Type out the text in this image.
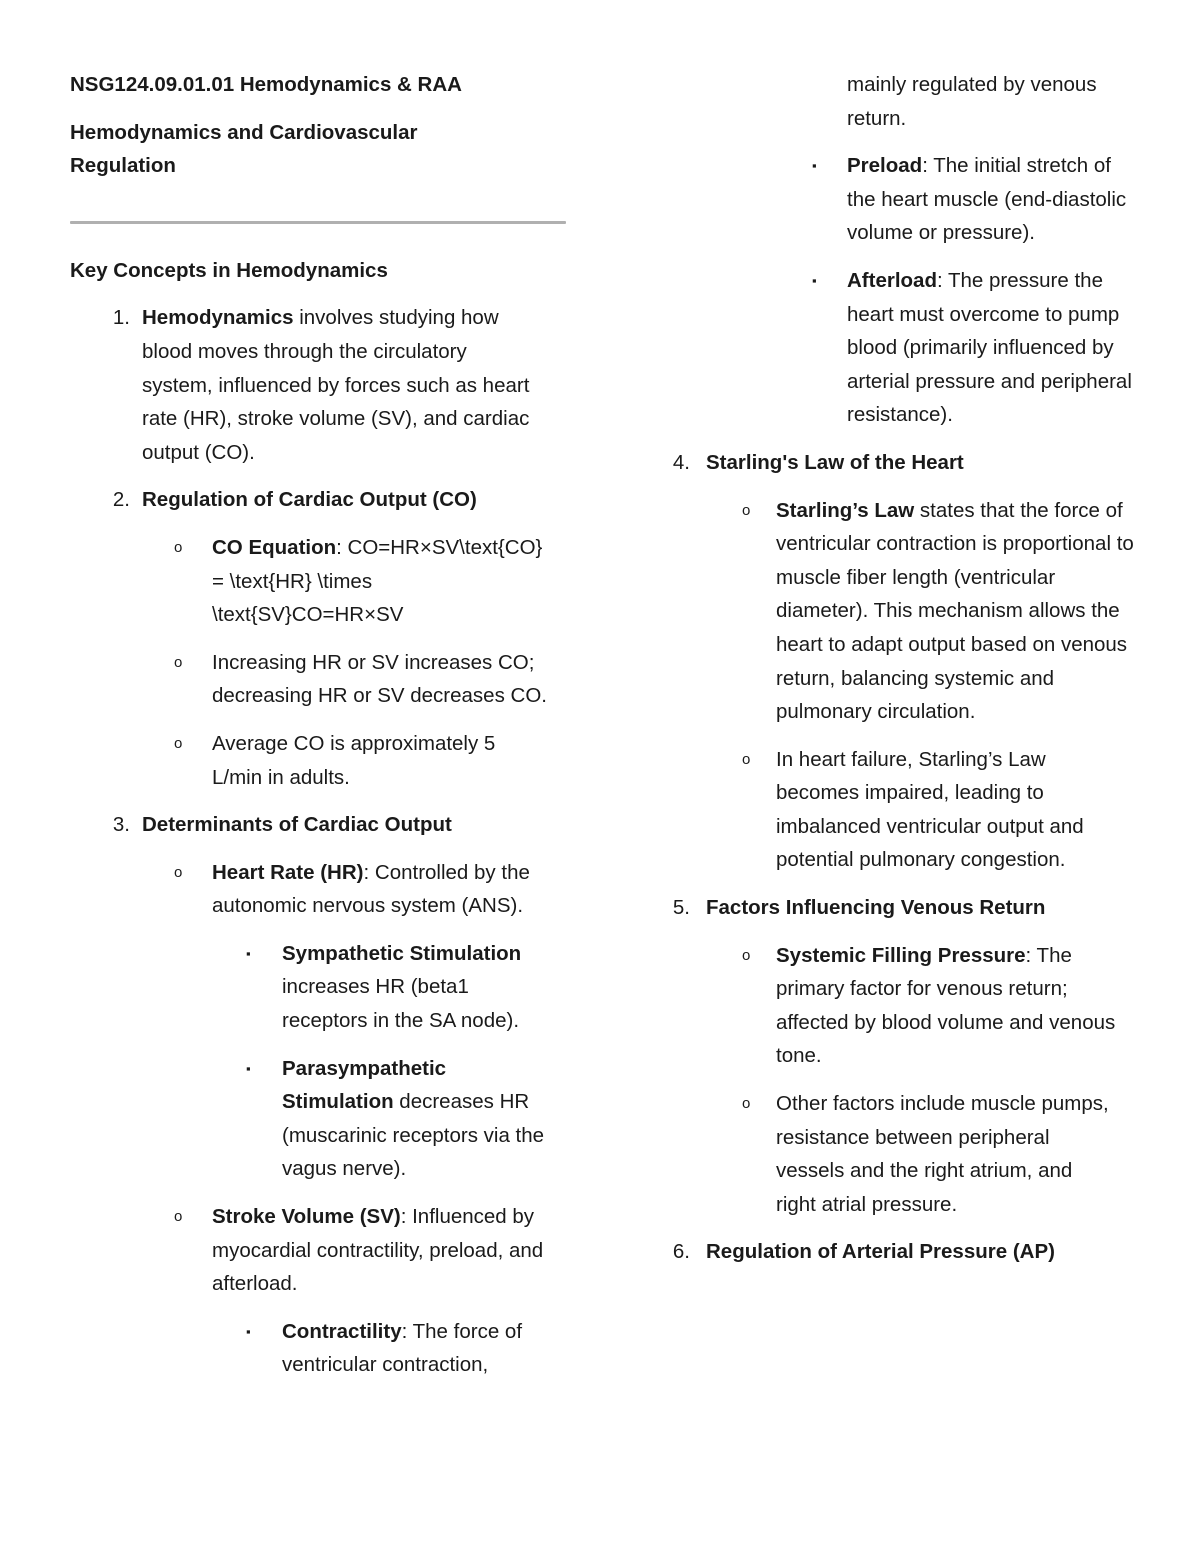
NSG124.09.01.01 Hemodynamics & RAA
Hemodynamics and Cardiovascular
Regulation
Key Concepts in Hemodynamics
1. Hemodynamics involves studying how blood moves through the circulatory system, influenced by forces such as heart rate (HR), stroke volume (SV), and cardiac output (CO).
2. Regulation of Cardiac Output (CO)
o
CO Equation: CO=HR×SV\text{CO} = \text{HR} \times \text{SV}CO=HR×SV
o
Increasing HR or SV increases CO; decreasing HR or SV decreases CO.
o
Average CO is approximately 5 L/min in adults.
3. Determinants of Cardiac Output
o
Heart Rate (HR): Controlled by the autonomic nervous system (ANS).
▪
Sympathetic Stimulation increases HR (beta1 receptors in the SA node).
▪
Parasympathetic Stimulation decreases HR (muscarinic receptors via the vagus nerve).
o
Stroke Volume (SV): Influenced by myocardial contractility, preload, and afterload.
▪
Contractility: The force of ventricular contraction,
mainly regulated by venous return.
▪
Preload: The initial stretch of the heart muscle (end-diastolic volume or pressure).
▪
Afterload: The pressure the heart must overcome to pump blood (primarily influenced by arterial pressure and peripheral resistance).
4. Starling's Law of the Heart
o
Starling’s Law states that the force of ventricular contraction is proportional to muscle fiber length (ventricular diameter). This mechanism allows the heart to adapt output based on venous return, balancing systemic and pulmonary circulation.
o
In heart failure, Starling’s Law becomes impaired, leading to imbalanced ventricular output and potential pulmonary congestion.
5. Factors Influencing Venous Return
o
Systemic Filling Pressure: The primary factor for venous return; affected by blood volume and venous tone.
o
Other factors include muscle pumps, resistance between peripheral vessels and the right atrium, and right atrial pressure.
6. Regulation of Arterial Pressure (AP)
